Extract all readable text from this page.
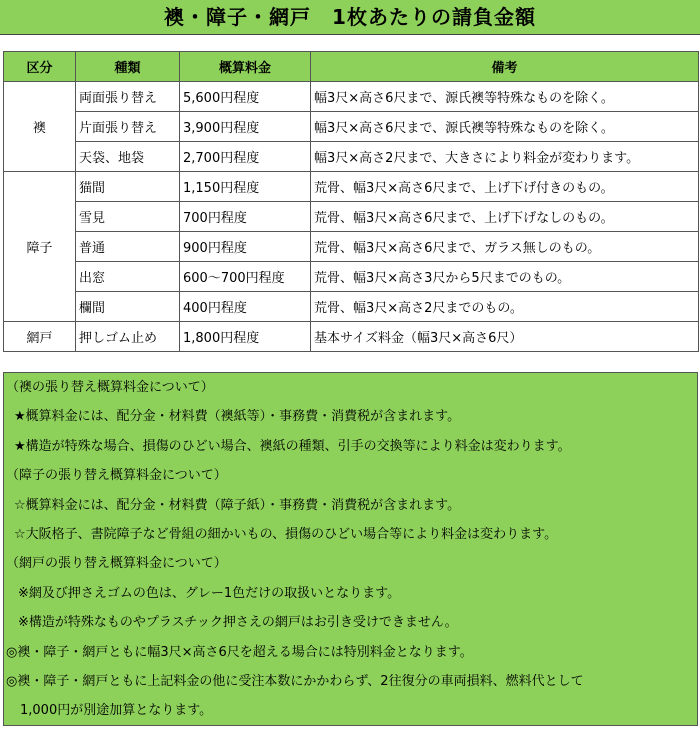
襖・障子・網戸　1枚あたりの請負金額
区分	種類	概算料金	備考
襖	両面張り替え	5,600円程度	幅3尺×高さ6尺まで、源氏襖等特殊なものを除く。
	片面張り替え	3,900円程度	幅3尺×高さ6尺まで、源氏襖等特殊なものを除く。
	天袋、地袋	2,700円程度	幅3尺×高さ2尺まで、大きさにより料金が変わります。
障子	猫間	1,150円程度	荒骨、幅3尺×高さ6尺まで、上げ下げ付きのもの。
	雪見	700円程度	荒骨、幅3尺×高さ6尺まで、上げ下げなしのもの。
	普通	900円程度	荒骨、幅3尺×高さ6尺まで、ガラス無しのもの。
	出窓	600～700円程度	荒骨、幅3尺×高さ3尺から5尺までのもの。
	欄間	400円程度	荒骨、幅3尺×高さ2尺までのもの。
網戸	押しゴム止め	1,800円程度	基本サイズ料金（幅3尺×高さ6尺）
（襖の張り替え概算料金について）
★概算料金には、配分金・材料費（襖紙等）・事務費・消費税が含まれます。
★構造が特殊な場合、損傷のひどい場合、襖紙の種類、引手の交換等により料金は変わります。
（障子の張り替え概算料金について）
☆概算料金には、配分金・材料費（障子紙）・事務費・消費税が含まれます。
☆大阪格子、書院障子など骨組の細かいもの、損傷のひどい場合等により料金は変わります。
（網戸の張り替え概算料金について）
※網及び押さえゴムの色は、グレー1色だけの取扱いとなります。
※構造が特殊なものやプラスチック押さえの網戸はお引き受けできません。
◎襖・障子・網戸ともに幅3尺×高さ6尺を超える場合には特別料金となります。
◎襖・障子・網戸ともに上記料金の他に受注本数にかかわらず、2往復分の車両損料、燃料代として
1,000円が別途加算となります。
